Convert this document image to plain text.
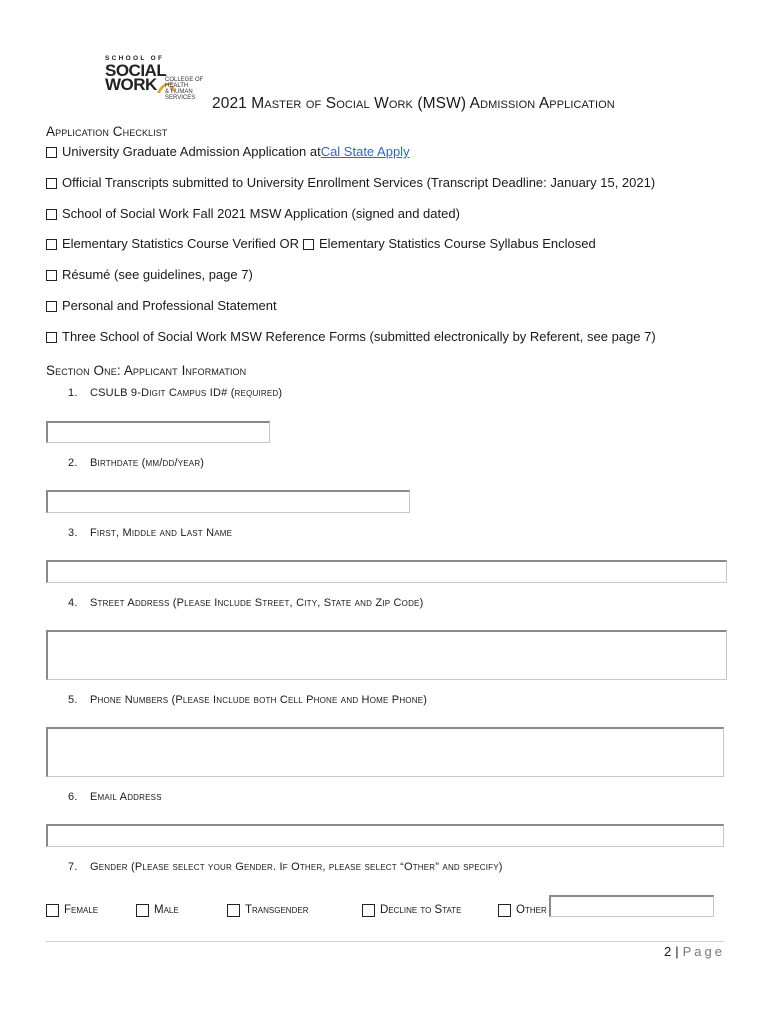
SCHOOL OF
SOCIAL
WORK COLLEGE OF
HEALTH
& HUMAN
SERVICES 2021 Master of Social Work (MSW) Admission Application
Application Checklist
University Graduate Admission Application at Cal State Apply
Official Transcripts submitted to University Enrollment Services (Transcript Deadline: January 15, 2021)
School of Social Work Fall 2021 MSW Application (signed and dated)
Elementary Statistics Course Verified OR Elementary Statistics Course Syllabus Enclosed
Résumé (see guidelines, page 7)
Personal and Professional Statement
Three School of Social Work MSW Reference Forms (submitted electronically by Referent, see page 7)
Section One: Applicant Information
1. CSULB 9-Digit Campus ID# (required)
2. Birthdate (mm/dd/year)
3. First, Middle and Last Name
4. Street Address (Please Include Street, City, State and Zip Code)
5. Phone Numbers (Please Include both Cell Phone and Home Phone)
6. Email Address
7. Gender (Please select your Gender. If Other, please select “Other” and specify)
Female	Male	Transgender	Decline to State	Other
2 | Page
